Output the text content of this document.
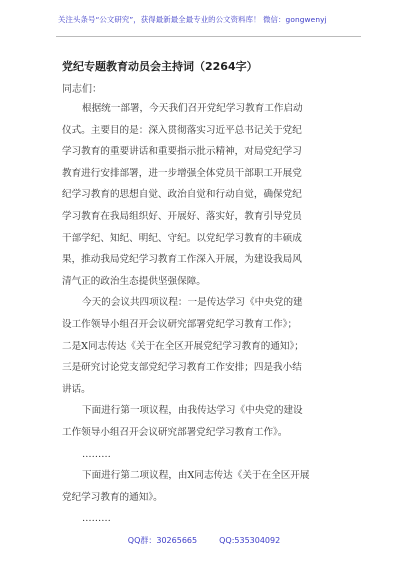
关注头条号“公文研究”，获得最新最全最专业的公文资料库！ 微信：gongwenyj
党纪专题教育动员会主持词（2264字）
同志们：
根据统一部署，今天我们召开党纪学习教育工作启动
仪式。主要目的是：深入贯彻落实习近平总书记关于党纪
学习教育的重要讲话和重要指示批示精神，对局党纪学习
教育进行安排部署，进一步增强全体党员干部职工开展党
纪学习教育的思想自觉、政治自觉和行动自觉，确保党纪
学习教育在我局组织好、开展好、落实好，教育引导党员
干部学纪、知纪、明纪、守纪。以党纪学习教育的丰硕成
果，推动我局党纪学习教育工作深入开展，为建设我局风
清气正的政治生态提供坚强保障。
今天的会议共四项议程：一是传达学习《中央党的建
设工作领导小组召开会议研究部署党纪学习教育工作》；
二是X同志传达《关于在全区开展党纪学习教育的通知》；
三是研究讨论党支部党纪学习教育工作安排；四是我小结
讲话。
下面进行第一项议程，由我传达学习《中央党的建设
工作领导小组召开会议研究部署党纪学习教育工作》。
………
下面进行第二项议程，由X同志传达《关于在全区开展
党纪学习教育的通知》。
………
QQ群：30265665	QQ:535304092
